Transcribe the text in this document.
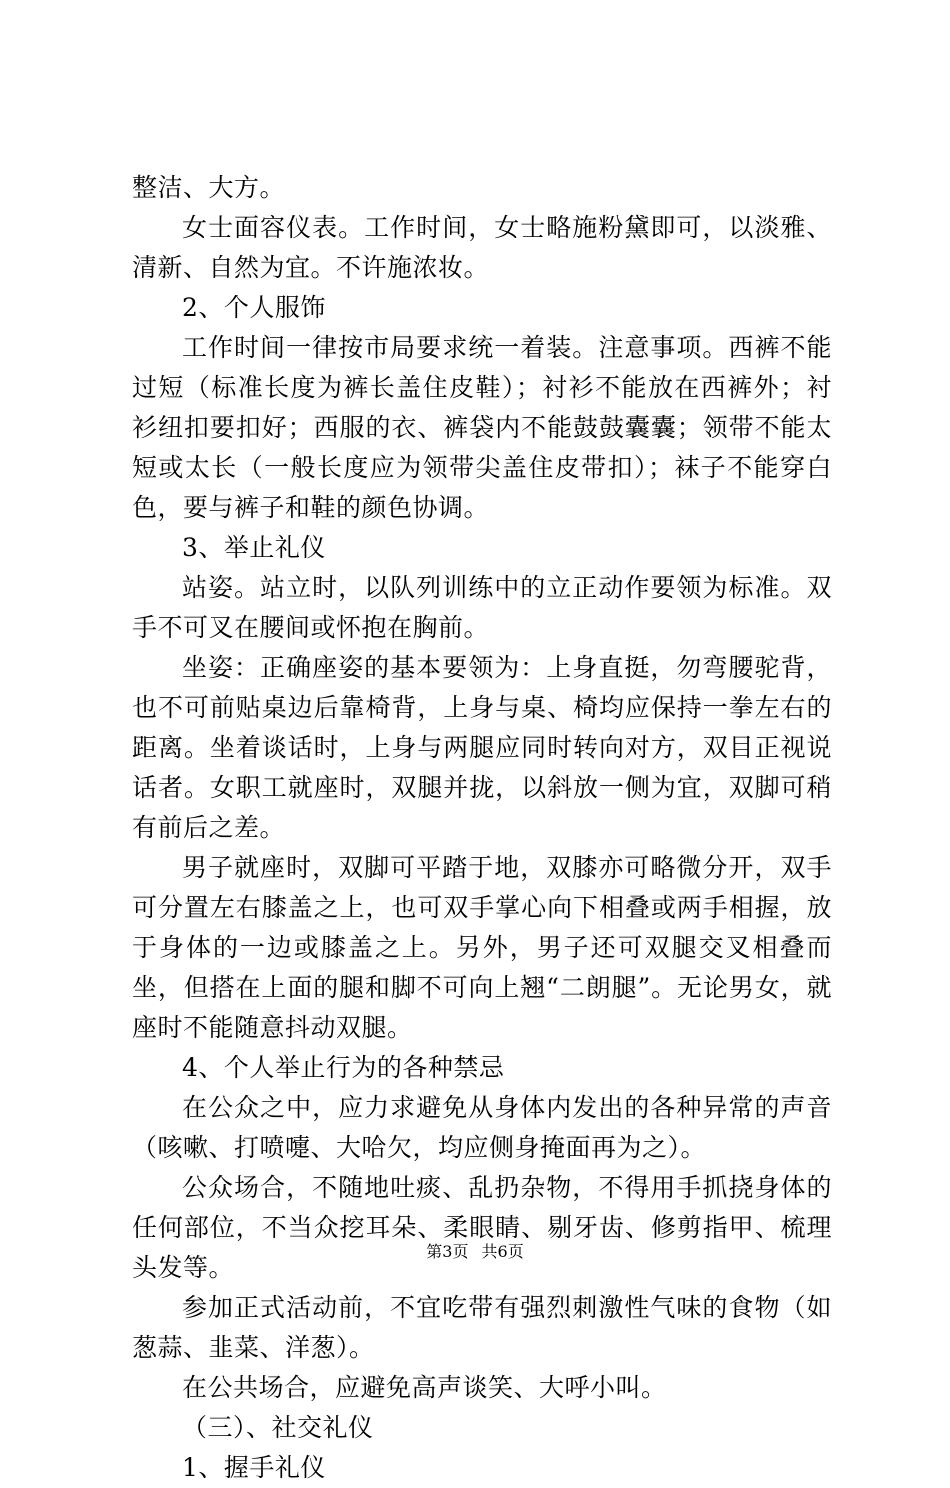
整洁、大方。

女士面容仪表。工作时间，女士略施粉黛即可，以淡雅、清新、自然为宜。不许施浓妆。

2、个人服饰

工作时间一律按市局要求统一着装。注意事项。西裤不能过短（标准长度为裤长盖住皮鞋）；衬衫不能放在西裤外；衬衫纽扣要扣好；西服的衣、裤袋内不能鼓鼓囊囊；领带不能太短或太长（一般长度应为领带尖盖住皮带扣）；袜子不能穿白色，要与裤子和鞋的颜色协调。

3、举止礼仪

站姿。站立时，以队列训练中的立正动作要领为标准。双手不可叉在腰间或怀抱在胸前。

坐姿：正确座姿的基本要领为：上身直挺，勿弯腰驼背，也不可前贴桌边后靠椅背，上身与桌、椅均应保持一拳左右的距离。坐着谈话时，上身与两腿应同时转向对方，双目正视说话者。女职工就座时，双腿并拢，以斜放一侧为宜，双脚可稍有前后之差。

男子就座时，双脚可平踏于地，双膝亦可略微分开，双手可分置左右膝盖之上，也可双手掌心向下相叠或两手相握，放于身体的一边或膝盖之上。另外，男子还可双腿交叉相叠而坐，但搭在上面的腿和脚不可向上翘“二朗腿”。无论男女，就座时不能随意抖动双腿。

4、个人举止行为的各种禁忌

在公众之中，应力求避免从身体内发出的各种异常的声音（咳嗽、打喷嚏、大哈欠，均应侧身掩面再为之）。

公众场合，不随地吐痰、乱扔杂物，不得用手抓挠身体的任何部位，不当众挖耳朵、柔眼睛、剔牙齿、修剪指甲、梳理头发等。

参加正式活动前，不宜吃带有强烈刺激性气味的食物（如葱蒜、韭菜、洋葱）。

在公共场合，应避免高声谈笑、大呼小叫。

（三）、社交礼仪

1、握手礼仪

第3页 共6页
